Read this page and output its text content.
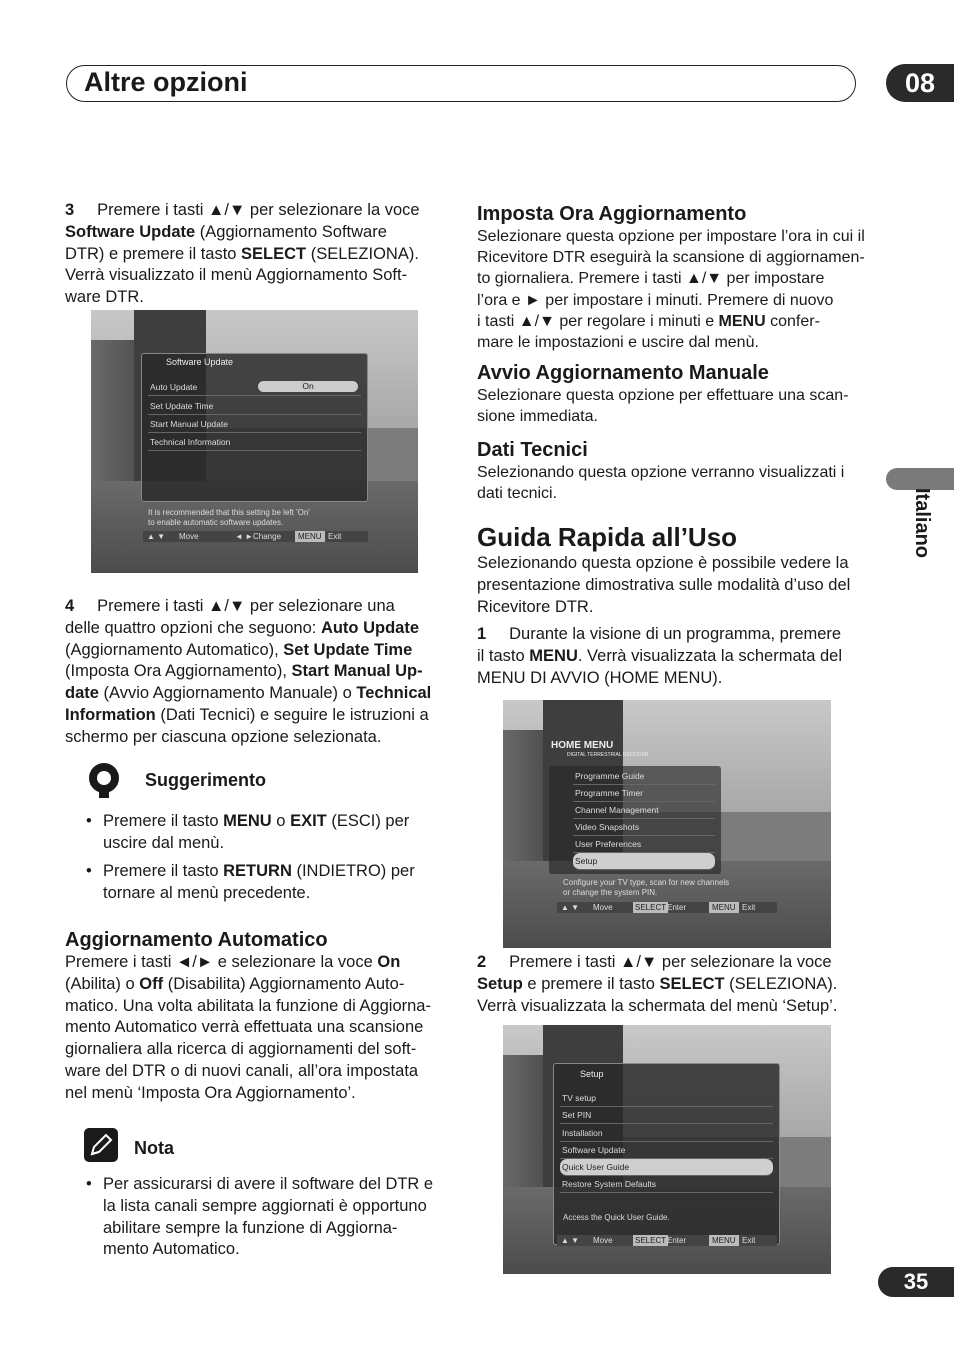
Altre opzioni	08
Italiano
3 Premere i tasti ▲/▼ per selezionare la voce
Software Update (Aggiornamento Software
DTR) e premere il tasto SELECT (SELEZIONA).
Verrà visualizzato il menù Aggiornamento Soft-
ware DTR.
Software Update
Auto Update	On
Set Update Time
Start Manual Update
Technical Information
It is recommended that this setting be left 'On'
to enable automatic software updates.
▲ ▼ Move	◄ ► Change	MENU Exit
4 Premere i tasti ▲/▼ per selezionare una
delle quattro opzioni che seguono: Auto Update
(Aggiornamento Automatico), Set Update Time
(Imposta Ora Aggiornamento), Start Manual Up-
date (Avvio Aggiornamento Manuale) o Technical
Information (Dati Tecnici) e seguire le istruzioni a
schermo per ciascuna opzione selezionata.
Suggerimento
• Premere il tasto MENU o EXIT (ESCI) per
uscire dal menù.
• Premere il tasto RETURN (INDIETRO) per
tornare al menù precedente.
Aggiornamento Automatico
Premere i tasti ◄/► e selezionare la voce On
(Abilita) o Off (Disabilita) Aggiornamento Auto-
matico. Una volta abilitata la funzione di Aggiorna-
mento Automatico verrà effettuata una scansione
giornaliera alla ricerca di aggiornamenti del soft-
ware del DTR o di nuovi canali, all’ora impostata
nel menù ‘Imposta Ora Aggiornamento’.
Nota
• Per assicurarsi di avere il software del DTR e
la lista canali sempre aggiornati è opportuno
abilitare sempre la funzione di Aggiorna-
mento Automatico.
Imposta Ora Aggiornamento
Selezionare questa opzione per impostare l’ora in cui il
Ricevitore DTR eseguirà la scansione di aggiornamen-
to giornaliera. Premere i tasti ▲/▼ per impostare
l’ora e ► per impostare i minuti. Premere di nuovo
i tasti ▲/▼ per regolare i minuti e MENU confer-
mare le impostazioni e uscire dal menù.
Avvio Aggiornamento Manuale
Selezionare questa opzione per effettuare una scan-
sione immediata.
Dati Tecnici
Selezionando questa opzione verranno visualizzati i
dati tecnici.
Guida Rapida all’Uso
Selezionando questa opzione è possibile vedere la
presentazione dimostrativa sulle modalità d’uso del
Ricevitore DTR.
1 Durante la visione di un programma, premere
il tasto MENU. Verrà visualizzata la schermata del
MENU DI AVVIO (HOME MENU).
HOME MENU
DIGITAL TERRESTRIAL RECEIVER
Programme Guide
Programme Timer
Channel Management
Video Snapshots
User Preferences
Setup
Configure your TV type, scan for new channels
or change the system PIN.
▲ ▼ Move	SELECT Enter	MENU Exit
2 Premere i tasti ▲/▼ per selezionare la voce
Setup e premere il tasto SELECT (SELEZIONA).
Verrà visualizzata la schermata del menù ‘Setup’.
Setup
TV setup
Set PIN
Installation
Software Update
Quick User Guide
Restore System Defaults
Access the Quick User Guide.
▲ ▼ Move	SELECT Enter	MENU Exit
35
